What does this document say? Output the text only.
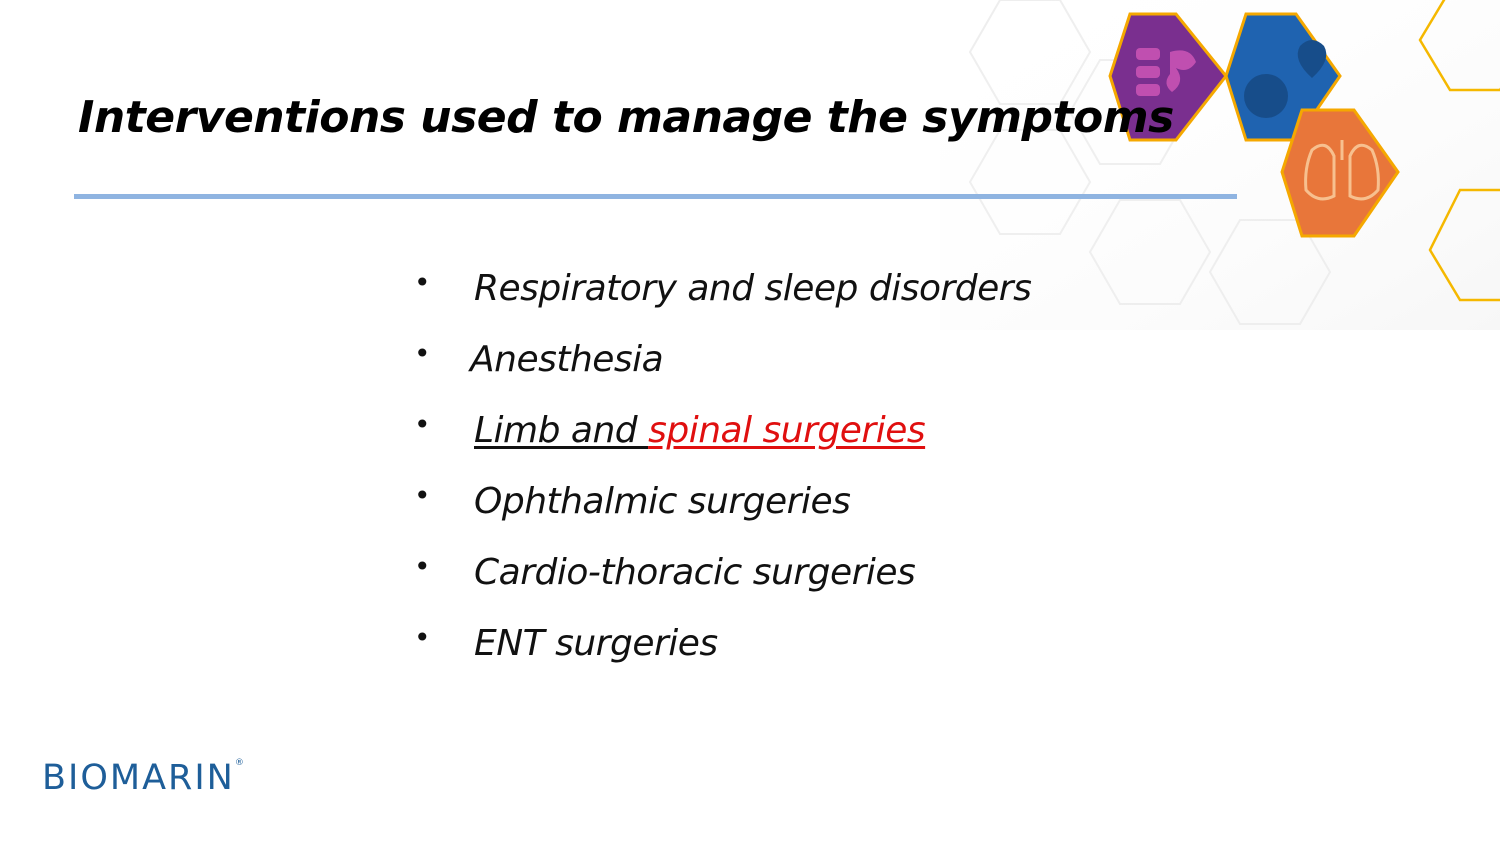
Interventions used to manage the symptoms
• Respiratory and sleep disorders
• Anesthesia
• Limb and spinal surgeries
• Ophthalmic surgeries
• Cardio-thoracic surgeries
• ENT surgeries
BIOMARIN®
